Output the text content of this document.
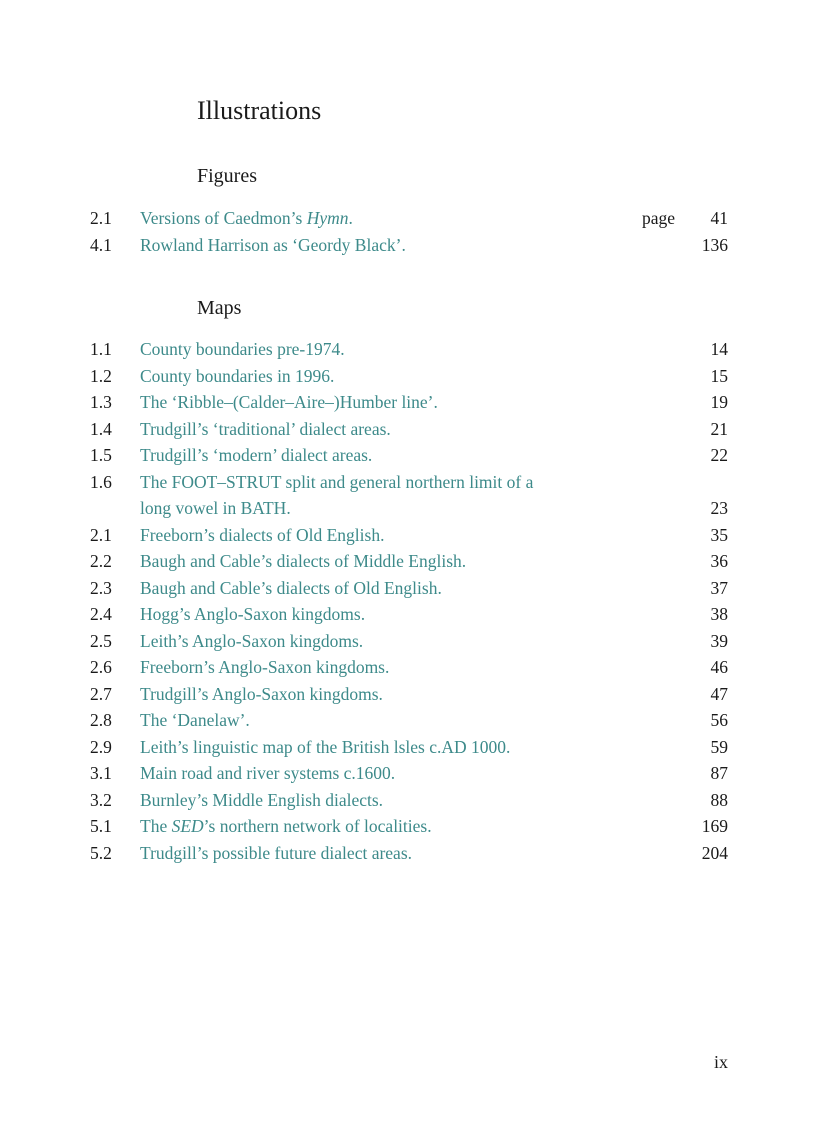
Illustrations
Figures
2.1 Versions of Caedmon’s Hymn.	page 41
4.1 Rowland Harrison as ‘Geordy Black’.	136
Maps
1.1 County boundaries pre-1974.	14
1.2 County boundaries in 1996.	15
1.3 The ‘Ribble–(Calder–Aire–)Humber line’.	19
1.4 Trudgill’s ‘traditional’ dialect areas.	21
1.5 Trudgill’s ‘modern’ dialect areas.	22
1.6 The FOOT–STRUT split and general northern limit of a
long vowel in BATH.	23
2.1 Freeborn’s dialects of Old English.	35
2.2 Baugh and Cable’s dialects of Middle English.	36
2.3 Baugh and Cable’s dialects of Old English.	37
2.4 Hogg’s Anglo-Saxon kingdoms.	38
2.5 Leith’s Anglo-Saxon kingdoms.	39
2.6 Freeborn’s Anglo-Saxon kingdoms.	46
2.7 Trudgill’s Anglo-Saxon kingdoms.	47
2.8 The ‘Danelaw’.	56
2.9 Leith’s linguistic map of the British lsles c.AD 1000.	59
3.1 Main road and river systems c.1600.	87
3.2 Burnley’s Middle English dialects.	88
5.1 The SED’s northern network of localities.	169
5.2 Trudgill’s possible future dialect areas.	204
ix
